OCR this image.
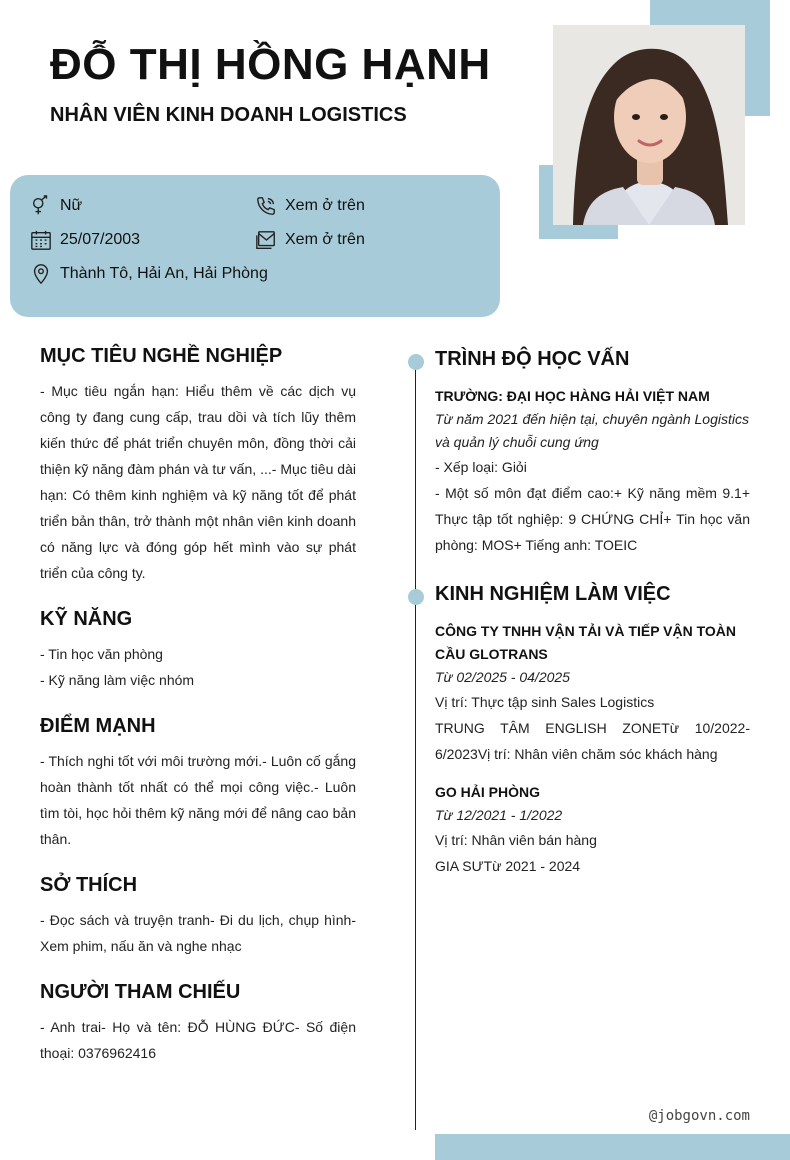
ĐỖ THỊ HỒNG HẠNH
NHÂN VIÊN KINH DOANH LOGISTICS
Nữ
25/07/2003
Thành Tô, Hải An, Hải Phòng
Xem ở trên
Xem ở trên
MỤC TIÊU NGHỀ NGHIỆP

- Mục tiêu ngắn hạn: Hiểu thêm về các dịch vụ công ty đang cung cấp, trau dồi và tích lũy thêm kiến thức để phát triển chuyên môn, đồng thời cải thiện kỹ năng đàm phán và tư vấn, ...- Mục tiêu dài hạn: Có thêm kinh nghiệm và kỹ năng tốt để phát triển bản thân, trở thành một nhân viên kinh doanh có năng lực và đóng góp hết mình vào sự phát triển của công ty.

KỸ NĂNG

- Tin học văn phòng

- Kỹ năng làm việc nhóm

ĐIỂM MẠNH

- Thích nghi tốt với môi trường mới.- Luôn cố gắng hoàn thành tốt nhất có thể mọi công việc.- Luôn tìm tòi, học hỏi thêm kỹ năng mới để nâng cao bản thân.

SỞ THÍCH

- Đọc sách và truyện tranh- Đi du lịch, chụp hình- Xem phim, nấu ăn và nghe nhạc

NGƯỜI THAM CHIẾU

- Anh trai- Họ và tên: ĐỖ HÙNG ĐỨC- Số điện thoại: 0376962416

TRÌNH ĐỘ HỌC VẤN

TRƯỜNG: ĐẠI HỌC HÀNG HẢI VIỆT NAM

Từ năm 2021 đến hiện tại, chuyên ngành Logistics và quản lý chuỗi cung ứng

- Xếp loại: Giỏi

- Một số môn đạt điểm cao:+ Kỹ năng mềm 9.1+ Thực tập tốt nghiệp: 9 CHỨNG CHỈ+ Tin học văn phòng: MOS+ Tiếng anh: TOEIC

KINH NGHIỆM LÀM VIỆC

CÔNG TY TNHH VẬN TẢI VÀ TIẾP VẬN TOÀN CẦU GLOTRANS

Từ 02/2025 - 04/2025

Vị trí: Thực tập sinh Sales Logistics

TRUNG TÂM ENGLISH ZONETừ 10/2022- 6/2023Vị trí: Nhân viên chăm sóc khách hàng

GO HẢI PHÒNG

Từ 12/2021 - 1/2022

Vị trí: Nhân viên bán hàng

GIA SƯTừ 2021 - 2024

@jobgovn.com
